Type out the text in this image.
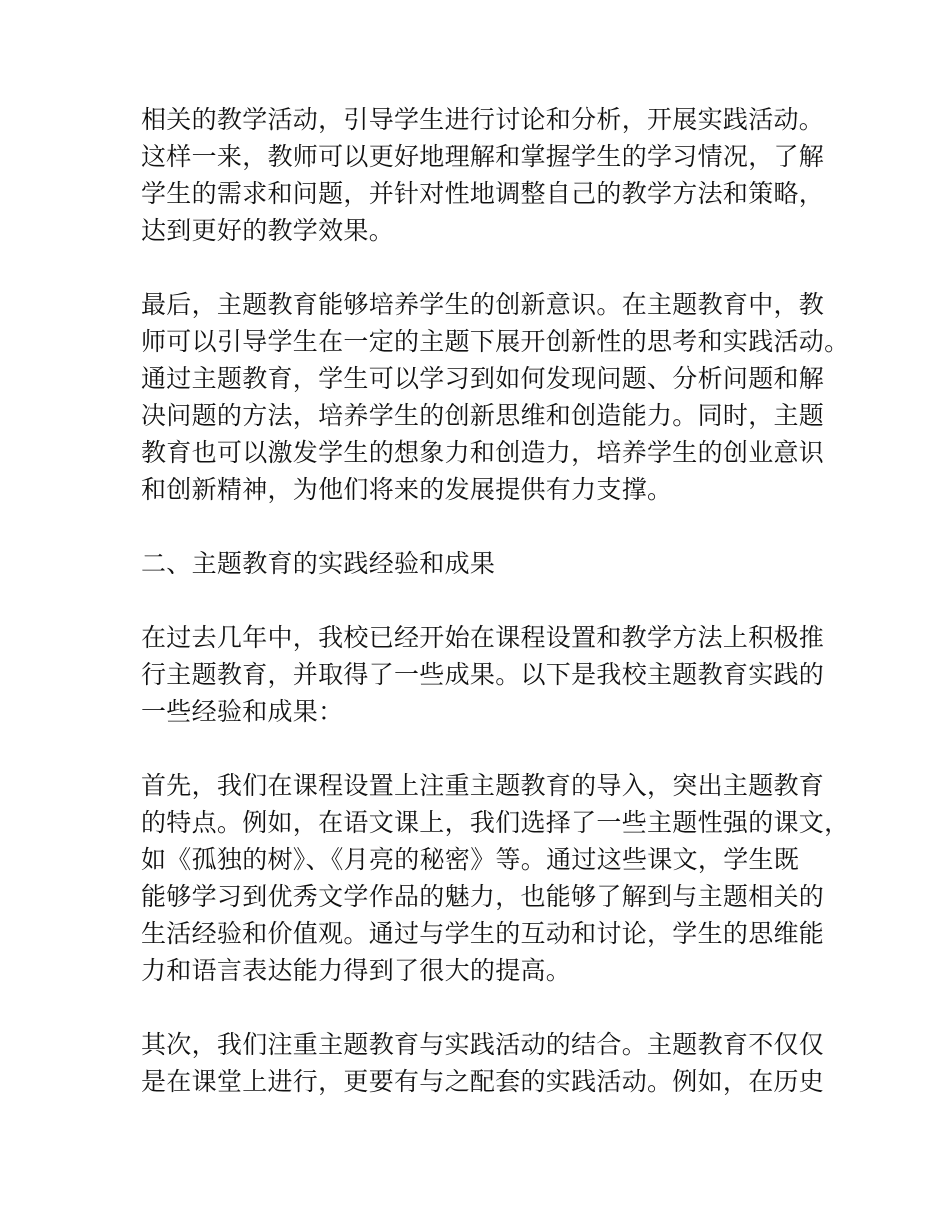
相关的教学活动，引导学生进行讨论和分析，开展实践活动。
这样一来，教师可以更好地理解和掌握学生的学习情况，了解
学生的需求和问题，并针对性地调整自己的教学方法和策略，
达到更好的教学效果。

最后，主题教育能够培养学生的创新意识。在主题教育中，教
师可以引导学生在一定的主题下展开创新性的思考和实践活动。
通过主题教育，学生可以学习到如何发现问题、分析问题和解
决问题的方法，培养学生的创新思维和创造能力。同时，主题
教育也可以激发学生的想象力和创造力，培养学生的创业意识
和创新精神，为他们将来的发展提供有力支撑。

二、主题教育的实践经验和成果

在过去几年中，我校已经开始在课程设置和教学方法上积极推
行主题教育，并取得了一些成果。以下是我校主题教育实践的
一些经验和成果：

首先，我们在课程设置上注重主题教育的导入，突出主题教育
的特点。例如，在语文课上，我们选择了一些主题性强的课文，
如《孤独的树》、《月亮的秘密》等。通过这些课文，学生既
能够学习到优秀文学作品的魅力，也能够了解到与主题相关的
生活经验和价值观。通过与学生的互动和讨论，学生的思维能
力和语言表达能力得到了很大的提高。

其次，我们注重主题教育与实践活动的结合。主题教育不仅仅
是在课堂上进行，更要有与之配套的实践活动。例如，在历史
